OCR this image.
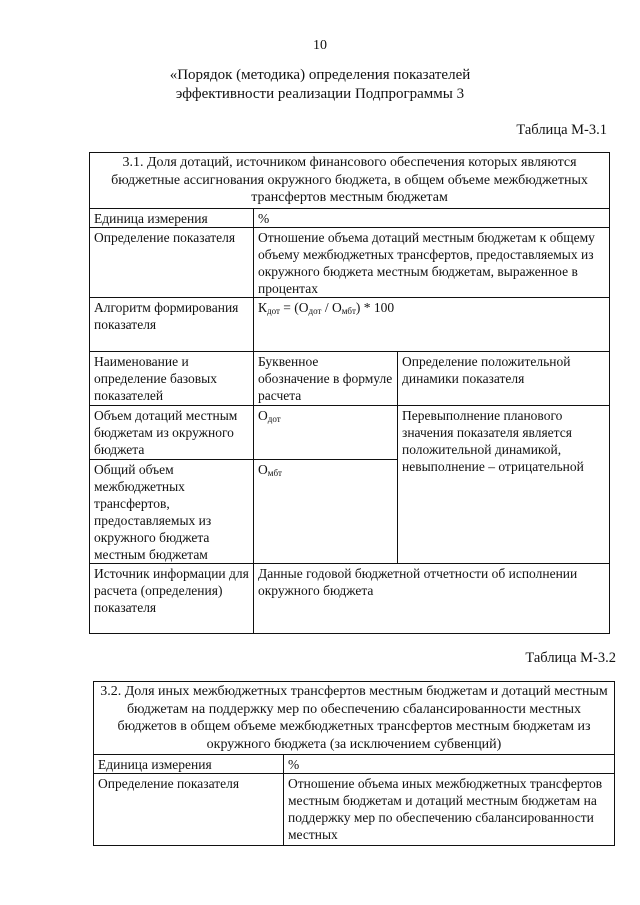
10
«Порядок (методика) определения показателей
эффективности реализации Подпрограммы 3
Таблица М-3.1
3.1. Доля дотаций, источником финансового обеспечения которых являются бюджетные ассигнования окружного бюджета, в общем объеме межбюджетных трансфертов местным бюджетам		
Единица измерения	%	
Определение показателя	Отношение объема дотаций местным бюджетам к общему объему межбюджетных трансфертов, предоставляемых из окружного бюджета местным бюджетам, выраженное в процентах	
Алгоритм формирования показателя	$К_{дот} = (О_{дот} / О_{мбт}) * 100$	
Наименование и определение базовых показателей	Буквенное обозначение в формуле расчета	Определение положительной динамики показателя
Объем дотаций местным бюджетам из окружного бюджета	$О_{дот}$	Перевыполнение планового значения показателя является положительной динамикой, невыполнение – отрицательной
Общий объем межбюджетных трансфертов, предоставляемых из окружного бюджета местным бюджетам	$О_{мбт}$
Источник информации для расчета (определения) показателя	Данные годовой бюджетной отчетности об исполнении окружного бюджета	
Таблица М-3.2
3.2. Доля иных межбюджетных трансфертов местным бюджетам и дотаций местным бюджетам на поддержку мер по обеспечению сбалансированности местных бюджетов в общем объеме межбюджетных трансфертов местным бюджетам из окружного бюджета (за исключением субвенций)	
Единица измерения	%
Определение показателя	Отношение объема иных межбюджетных трансфертов местным бюджетам и дотаций местным бюджетам на поддержку мер по обеспечению сбалансированности местных
